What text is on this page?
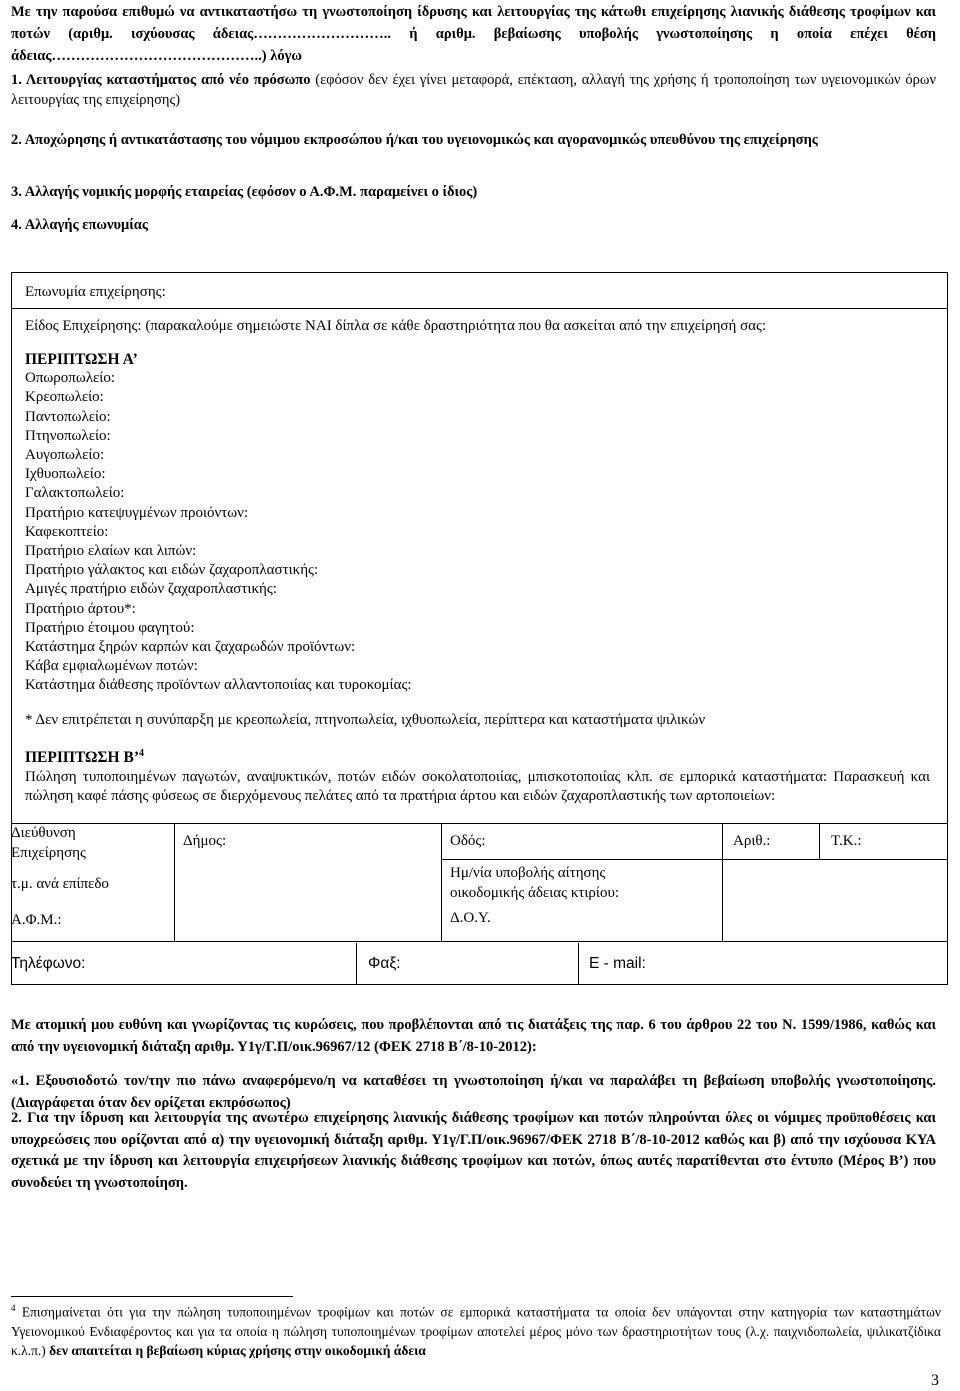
Με την παρούσα επιθυμώ να αντικαταστήσω τη γνωστοποίηση ίδρυσης και λειτουργίας της κάτωθι επιχείρησης λιανικής διάθεσης τροφίμων και ποτών (αριθμ. ισχύουσας άδειας……………………….. ή αριθμ. βεβαίωσης υποβολής γνωστοποίησης η οποία επέχει θέση άδειας……………………………………..) λόγω

1. Λειτουργίας καταστήματος από νέο πρόσωπο (εφόσον δεν έχει γίνει μεταφορά, επέκταση, αλλαγή της χρήσης ή τροποποίηση των υγειονομικών όρων λειτουργίας της επιχείρησης)

2. Αποχώρησης ή αντικατάστασης του νόμιμου εκπροσώπου ή/και του υγειονομικώς και αγορανομικώς υπευθύνου της επιχείρησης

3. Αλλαγής νομικής μορφής εταιρείας (εφόσον ο Α.Φ.Μ. παραμείνει ο ίδιος)

4. Αλλαγής επωνυμίας

Επωνυμία επιχείρησης:
Είδος Επιχείρησης: (παρακαλούμε σημειώστε ΝΑΙ δίπλα σε κάθε δραστηριότητα που θα ασκείται από την επιχείρησή σας:
ΠΕΡΙΠΤΩΣΗ Α’
Οπωροπωλείο:
Κρεοπωλείο:
Παντοπωλείο:
Πτηνοπωλείο:
Αυγοπωλείο:
Ιχθυοπωλείο:
Γαλακτοπωλείο:
Πρατήριο κατεψυγμένων προιόντων:
Καφεκοπτείο:
Πρατήριο ελαίων και λιπών:
Πρατήριο γάλακτος και ειδών ζαχαροπλαστικής:
Αμιγές πρατήριο ειδών ζαχαροπλαστικής:
Πρατήριο άρτου*:
Πρατήριο έτοιμου φαγητού:
Κατάστημα ξηρών καρπών και ζαχαρωδών προϊόντων:
Κάβα εμφιαλωμένων ποτών:
Κατάστημα διάθεσης προϊόντων αλλαντοποιίας και τυροκομίας:
* Δεν επιτρέπεται η συνύπαρξη με κρεοπωλεία, πτηνοπωλεία, ιχθυοπωλεία, περίπτερα και καταστήματα ψιλικών
ΠΕΡΙΠΤΩΣΗ Β’$^4$
Πώληση τυποποιημένων παγωτών, αναψυκτικών, ποτών ειδών σοκολατοποιίας, μπισκοτοποιίας κλπ. σε εμπορικά καταστήματα: Παρασκευή και πώληση καφέ πάσης φύσεως σε διερχόμενους πελάτες από τα πρατήρια άρτου και ειδών ζαχαροπλαστικής των αρτοποιείων:
Διεύθυνση
Επιχείρησης
Δήμος:	Οδός:	Αριθ.:	Τ.Κ.:
τ.μ. ανά επίπεδο
Ημ/νία υποβολής αίτησης
οικοδομικής άδειας κτιρίου:
Α.Φ.Μ.:	Δ.Ο.Υ.
Τηλέφωνο:	Φαξ:	E - mail:

Με ατομική μου ευθύνη και γνωρίζοντας τις κυρώσεις, που προβλέπονται από τις διατάξεις της παρ. 6 του άρθρου 22 του Ν. 1599/1986, καθώς και από την υγειονομική διάταξη αριθμ. Υ1γ/Γ.Π/οικ.96967/12 (ΦΕΚ 2718 Β΄/8-10-2012):

«1. Εξουσιοδοτώ τον/την πιο πάνω αναφερόμενο/η να καταθέσει τη γνωστοποίηση ή/και να παραλάβει τη βεβαίωση υποβολής γνωστοποίησης. (Διαγράφεται όταν δεν ορίζεται εκπρόσωπος)

2. Για την ίδρυση και λειτουργία της ανωτέρω επιχείρησης λιανικής διάθεσης τροφίμων και ποτών πληρούνται όλες οι νόμιμες προϋποθέσεις και υποχρεώσεις που ορίζονται από α) την υγειονομική διάταξη αριθμ. Υ1γ/Γ.Π/οικ.96967/ΦΕΚ 2718 Β΄/8-10-2012 καθώς και β) από την ισχύουσα ΚΥΑ σχετικά με την ίδρυση και λειτουργία επιχειρήσεων λιανικής διάθεσης τροφίμων και ποτών, όπως αυτές παρατίθενται στο έντυπο (Μέρος Β’) που συνοδεύει τη γνωστοποίηση.

$^4$ Επισημαίνεται ότι για την πώληση τυποποιημένων τροφίμων και ποτών σε εμπορικά καταστήματα τα οποία δεν υπάγονται στην κατηγορία των καταστημάτων Υγειονομικού Ενδιαφέροντος και για τα οποία η πώληση τυποποιημένων τροφίμων αποτελεί μέρος μόνο των δραστηριοτήτων τους (λ.χ. παιχνιδοπωλεία, ψιλικατζίδικα κ.λ.π.) δεν απαιτείται η βεβαίωση κύριας χρήσης στην οικοδομική άδεια

3
